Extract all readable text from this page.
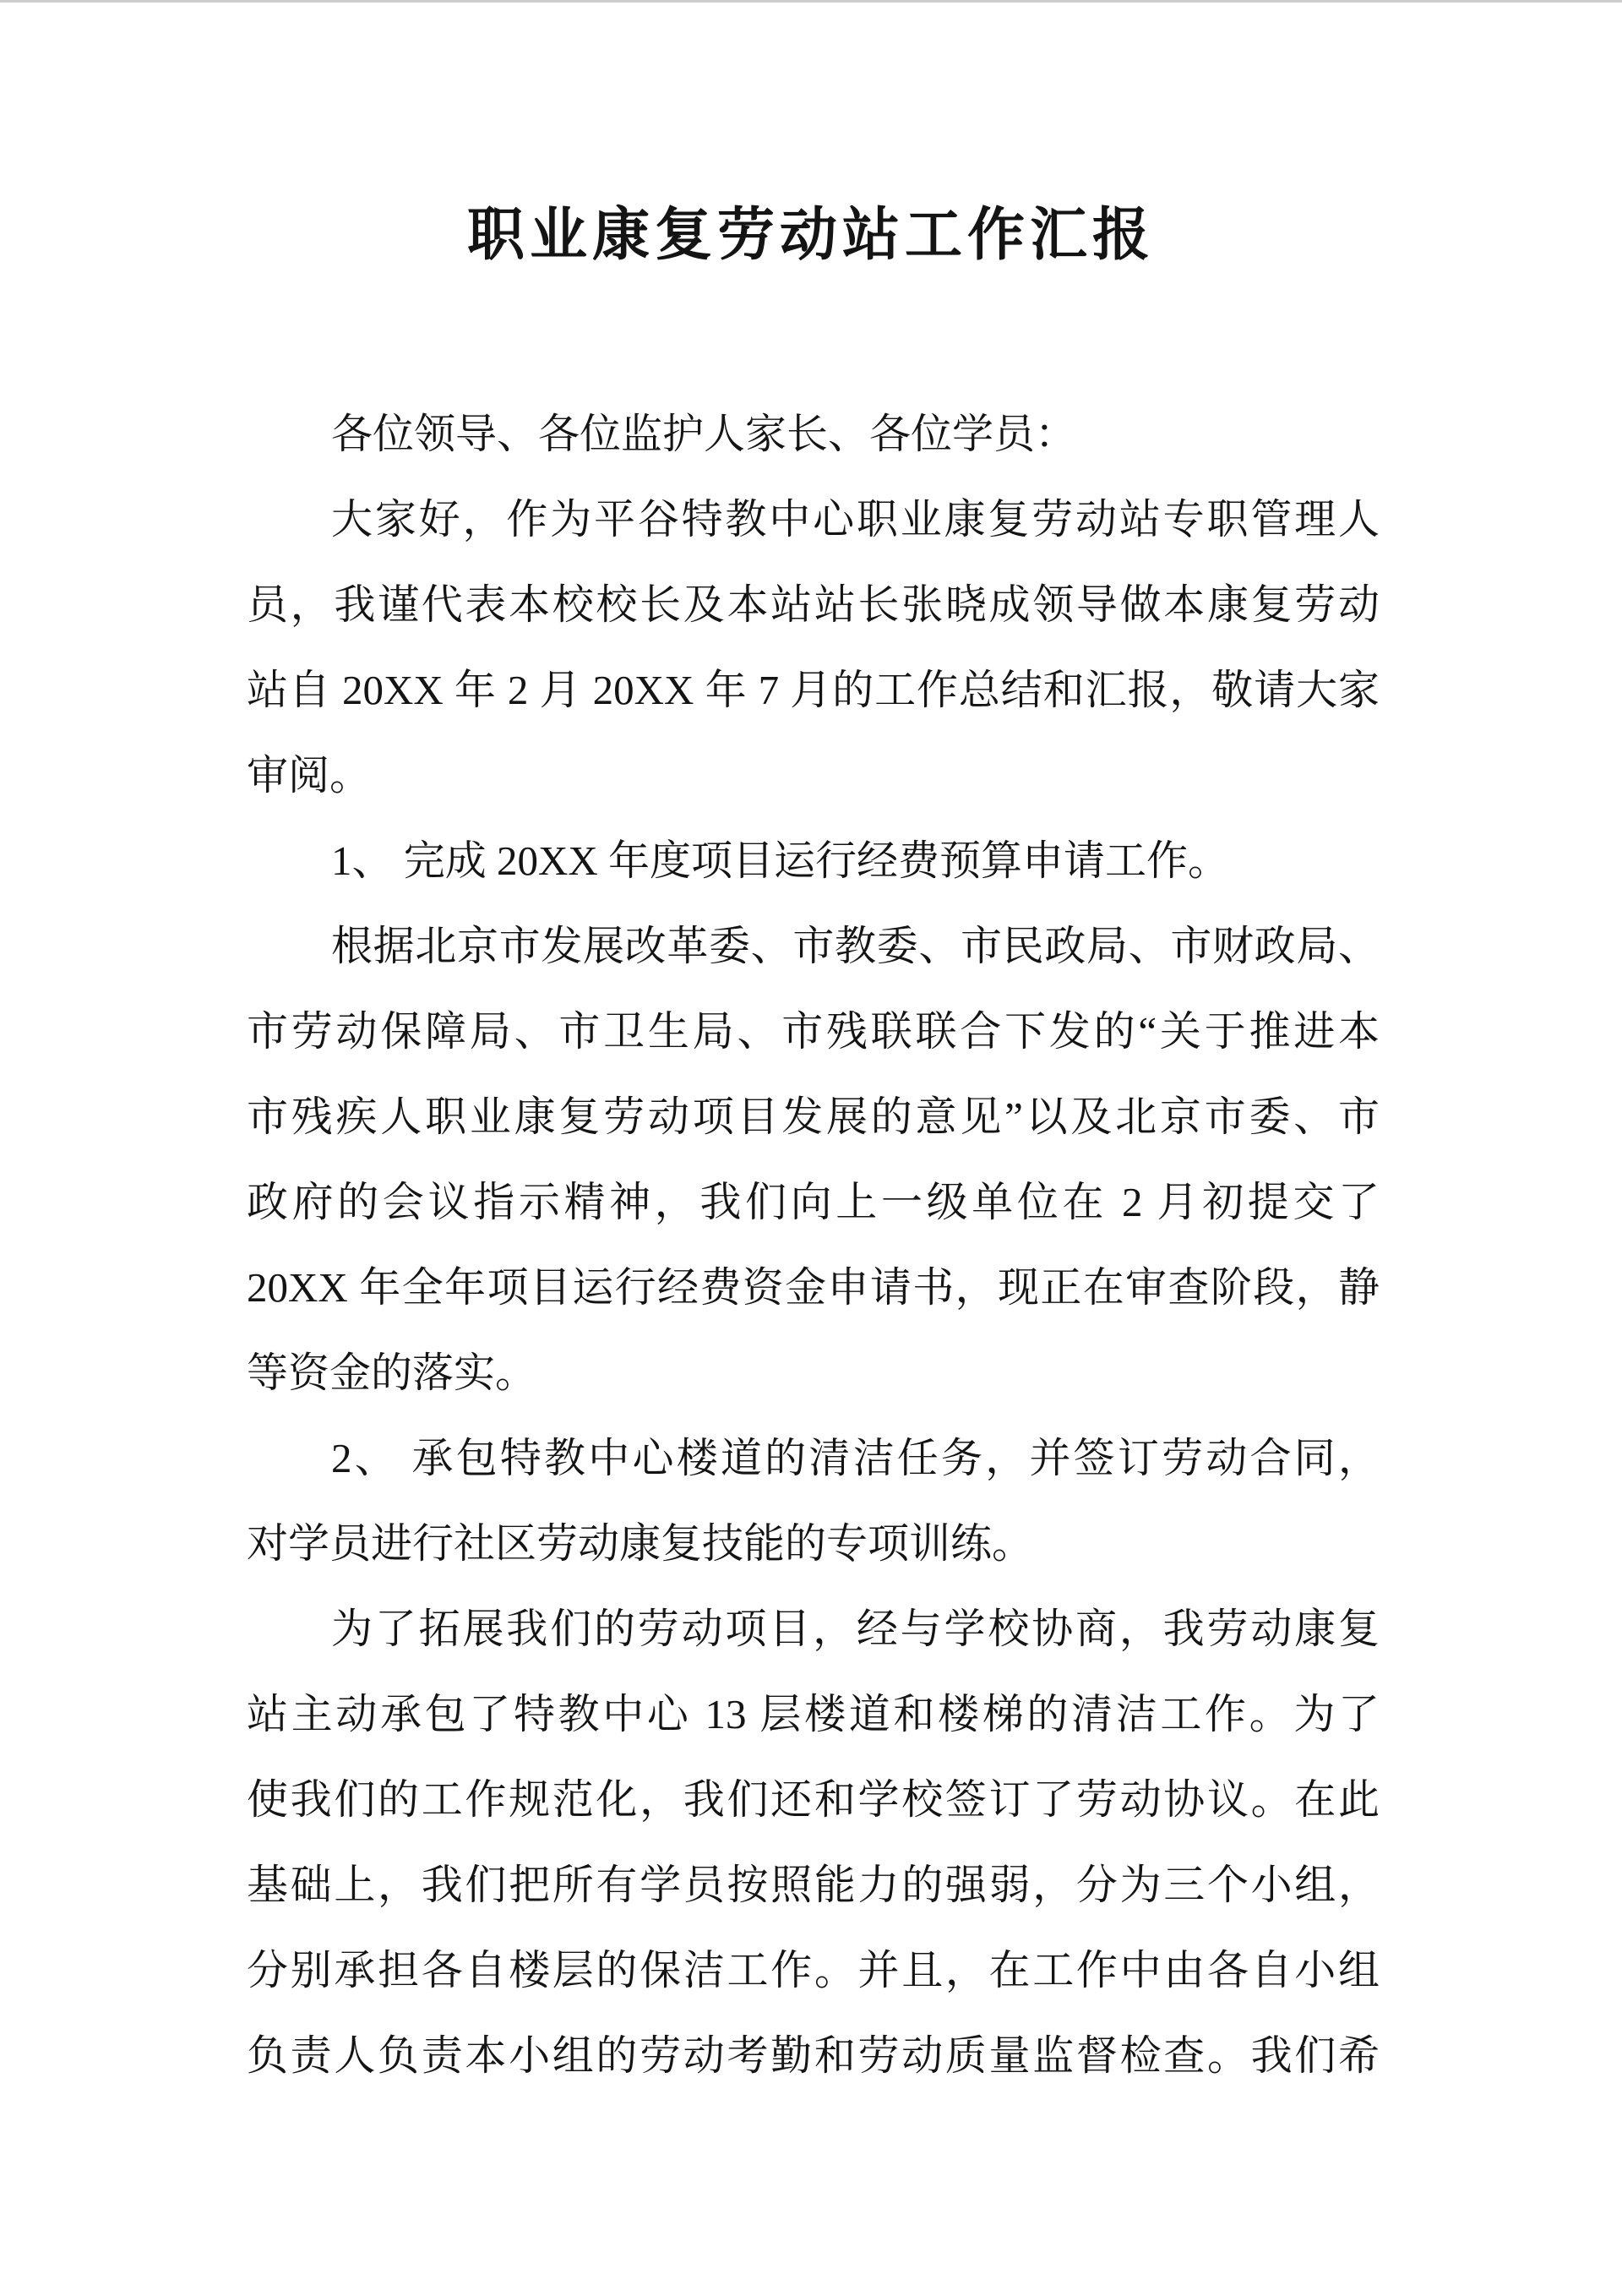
职业康复劳动站工作汇报
各位领导、各位监护人家长、各位学员：
大家好，作为平谷特教中心职业康复劳动站专职管理人
员，我谨代表本校校长及本站站长张晓成领导做本康复劳动
站自 20XX 年 2 月 20XX 年 7 月的工作总结和汇报，敬请大家
审阅。
1、 完成 20XX 年度项目运行经费预算申请工作。
根据北京市发展改革委、市教委、市民政局、市财政局、
市劳动保障局、市卫生局、市残联联合下发的“关于推进本
市残疾人职业康复劳动项目发展的意见”以及北京市委、市
政府的会议指示精神，我们向上一级单位在 2 月初提交了
20XX 年全年项目运行经费资金申请书，现正在审查阶段，静
等资金的落实。
2、 承包特教中心楼道的清洁任务，并签订劳动合同，
对学员进行社区劳动康复技能的专项训练。
为了拓展我们的劳动项目，经与学校协商，我劳动康复
站主动承包了特教中心 13 层楼道和楼梯的清洁工作。为了
使我们的工作规范化，我们还和学校签订了劳动协议。在此
基础上，我们把所有学员按照能力的强弱，分为三个小组，
分别承担各自楼层的保洁工作。并且，在工作中由各自小组
负责人负责本小组的劳动考勤和劳动质量监督检查。我们希
